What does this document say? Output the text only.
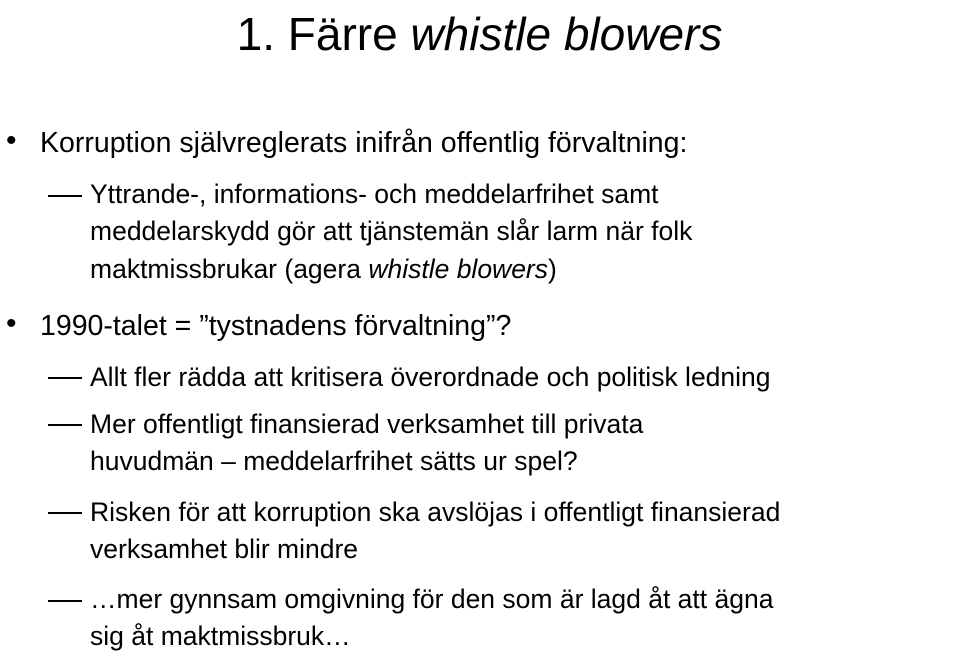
1. Färre whistle blowers
• Korruption självreglerats inifrån offentlig förvaltning:
Yttrande-, informations- och meddelarfrihet samt
meddelarskydd gör att tjänstemän slår larm när folk
maktmissbrukar (agera whistle blowers)
• 1990-talet = ”tystnadens förvaltning”?
Allt fler rädda att kritisera överordnade och politisk ledning
Mer offentligt finansierad verksamhet till privata
huvudmän – meddelarfrihet sätts ur spel?
Risken för att korruption ska avslöjas i offentligt finansierad
verksamhet blir mindre
…mer gynnsam omgivning för den som är lagd åt att ägna
sig åt maktmissbruk…
